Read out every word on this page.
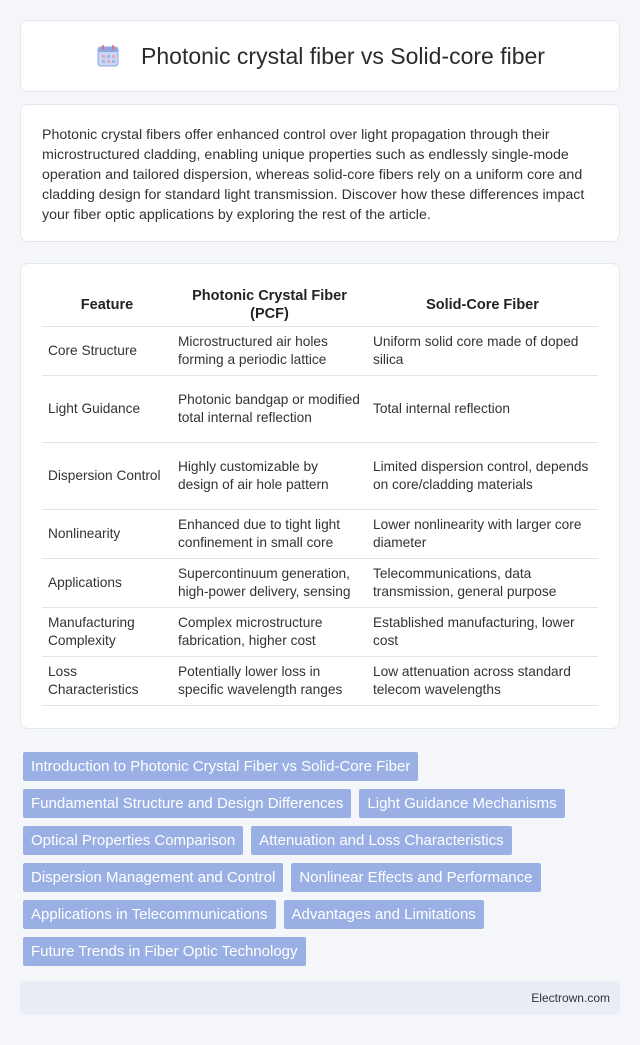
Photonic crystal fiber vs Solid-core fiber

Photonic crystal fibers offer enhanced control over light propagation through their microstructured cladding, enabling unique properties such as endlessly single-mode operation and tailored dispersion, whereas solid-core fibers rely on a uniform core and cladding design for standard light transmission. Discover how these differences impact your fiber optic applications by exploring the rest of the article.

Feature	Photonic Crystal Fiber (PCF)	Solid-Core Fiber
Core Structure	Microstructured air holes forming a periodic lattice	Uniform solid core made of doped silica
Light Guidance	Photonic bandgap or modified total internal reflection	Total internal reflection
Dispersion Control	Highly customizable by design of air hole pattern	Limited dispersion control, depends on core/cladding materials
Nonlinearity	Enhanced due to tight light confinement in small core	Lower nonlinearity with larger core diameter
Applications	Supercontinuum generation, high-power delivery, sensing	Telecommunications, data transmission, general purpose
Manufacturing Complexity	Complex microstructure fabrication, higher cost	Established manufacturing, lower cost
Loss Characteristics	Potentially lower loss in specific wavelength ranges	Low attenuation across standard telecom wavelengths
Introduction to Photonic Crystal Fiber vs Solid-Core Fiber
Fundamental Structure and Design Differences	Light Guidance Mechanisms
Optical Properties Comparison	Attenuation and Loss Characteristics
Dispersion Management and Control	Nonlinear Effects and Performance
Applications in Telecommunications	Advantages and Limitations
Future Trends in Fiber Optic Technology
Electrown.com
